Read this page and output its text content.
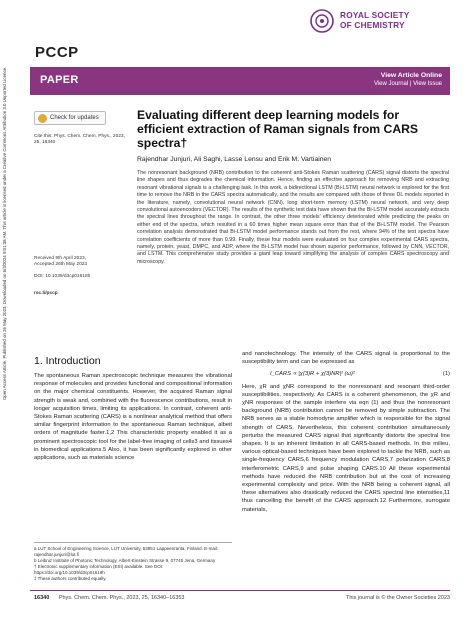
PCCP
ROYAL SOCIETY
OF CHEMISTRY
PAPER	View Article Online
View Journal | View Issue
Open Access Article. Published on 26 May 2023. Downloaded on 6/3/2024 9:01:38 AM. This article is licensed under a Creative Commons Attribution 3.0 Unported Licence.	Check for updates
Cite this: Phys. Chem. Chem. Phys., 2023, 25, 16340
Received 9th April 2023,
Accepted 26th May 2023
DOI: 10.1039/d3cp01618h
rsc.li/pccp
Evaluating different deep learning models for efficient extraction of Raman signals from CARS spectra†
Rajendhar Junjuri, Ali Saghi, Lasse Lensu and Erik M. Vartiainen
The nonresonant background (NRB) contribution to the coherent anti-Stokes Raman scattering (CARS) signal distorts the spectral line shapes and thus degrades the chemical information. Hence, finding an effective approach for removing NRB and extracting resonant vibrational signals is a challenging task. In this work, a bidirectional LSTM (Bi-LSTM) neural network is explored for the first time to remove the NRB in the CARS spectra automatically, and the results are compared with those of three DL models reported in the literature, namely, convolutional neural network (CNN), long short-term memory (LSTM) neural network, and very deep convolutional autoencoders (VECTOR). The results of the synthetic test data have shown that the Bi-LSTM model accurately extracts the spectral lines throughout the range. In contrast, the other three models' efficiency deteriorated while predicting the peaks on either end of the spectra, which resulted in a 60 times higher mean square error than that of the Bi-LSTM model. The Pearson correlation analysis demonstrated that Bi-LSTM model performance stands out from the rest, where 94% of the test spectra have correlation coefficients of more than 0.99. Finally, these four models were evaluated on four complex experimental CARS spectra, namely, protein, yeast, DMPC, and ADP, where the Bi-LSTM model has shown superior performance, followed by CNN, VECTOR, and LSTM. This comprehensive study provides a giant leap toward simplifying the analysis of complex CARS spectroscopy and microscopy.
1. Introduction
The spontaneous Raman spectroscopic technique measures the vibrational response of molecules and provides functional and compositional information on the major chemical constituents. However, the acquired Raman signal strength is weak and, combined with the fluorescence contributions, result in longer acquisition times, limiting its applications. In contrast, coherent anti-Stokes Raman scattering (CARS) is a nonlinear analytical method that offers similar fingerprint information to the spontaneous Raman technique, albeit orders of magnitude faster.1,2 This characteristic property enabled it as a prominent spectroscopic tool for the label-free imaging of cells3 and tissues4 in biomedical applications.5 Also, it has been significantly explored in other applications, such as materials science
and nanotechnology. The intensity of the CARS signal is proportional to the susceptibility term and can be expressed as
I_CARS ∝ |χ(3)R + χ(3)NR|² (ω)²	(1)
Here, χR and χNR correspond to the nonresonant and resonant third-order susceptibilities, respectively. As CARS is a coherent phenomenon, the χR and χNR responses of the sample interfere via eqn (1) and thus the nonresonant background (NRB) contribution cannot be removed by simple subtraction. The NRB serves as a stable homodyne amplifier which is responsible for the signal strength of CARS. Nevertheless, this coherent contribution simultaneously perturbs the measured CARS signal that significantly distorts the spectral line shapes. It is an inherent limitation in all CARS-based methods. In this milieu, various optical-based techniques have been explored to tackle the NRB, such as single-frequency CARS,6 frequency modulation CARS,7 polarization CARS,8 interferometric CARS,9 and pulse shaping CARS.10 All these experimental methods have reduced the NRB contribution but at the cost of increasing experimental complexity and price. With the NRB being a coherent signal, all these alternatives also drastically reduced the CARS spectral line intensities,11 thus cancelling the benefit of the CARS approach.12 Furthermore, surrogate materials,
a LUT School of Engineering Science, LUT University, 53851 Lappeenranta, Finland. E-mail: rajendhar.junjuri@lut.fi
b Leibniz Institute of Photonic Technology, Albert-Einstein Strasse 9, 07745 Jena, Germany
† Electronic supplementary information (ESI) available. See DOI: https://doi.org/10.1039/d3cp01618h
‡ These authors contributed equally.
16340 Phys. Chem. Chem. Phys., 2023, 25, 16340–16353	This journal is © the Owner Societies 2023
